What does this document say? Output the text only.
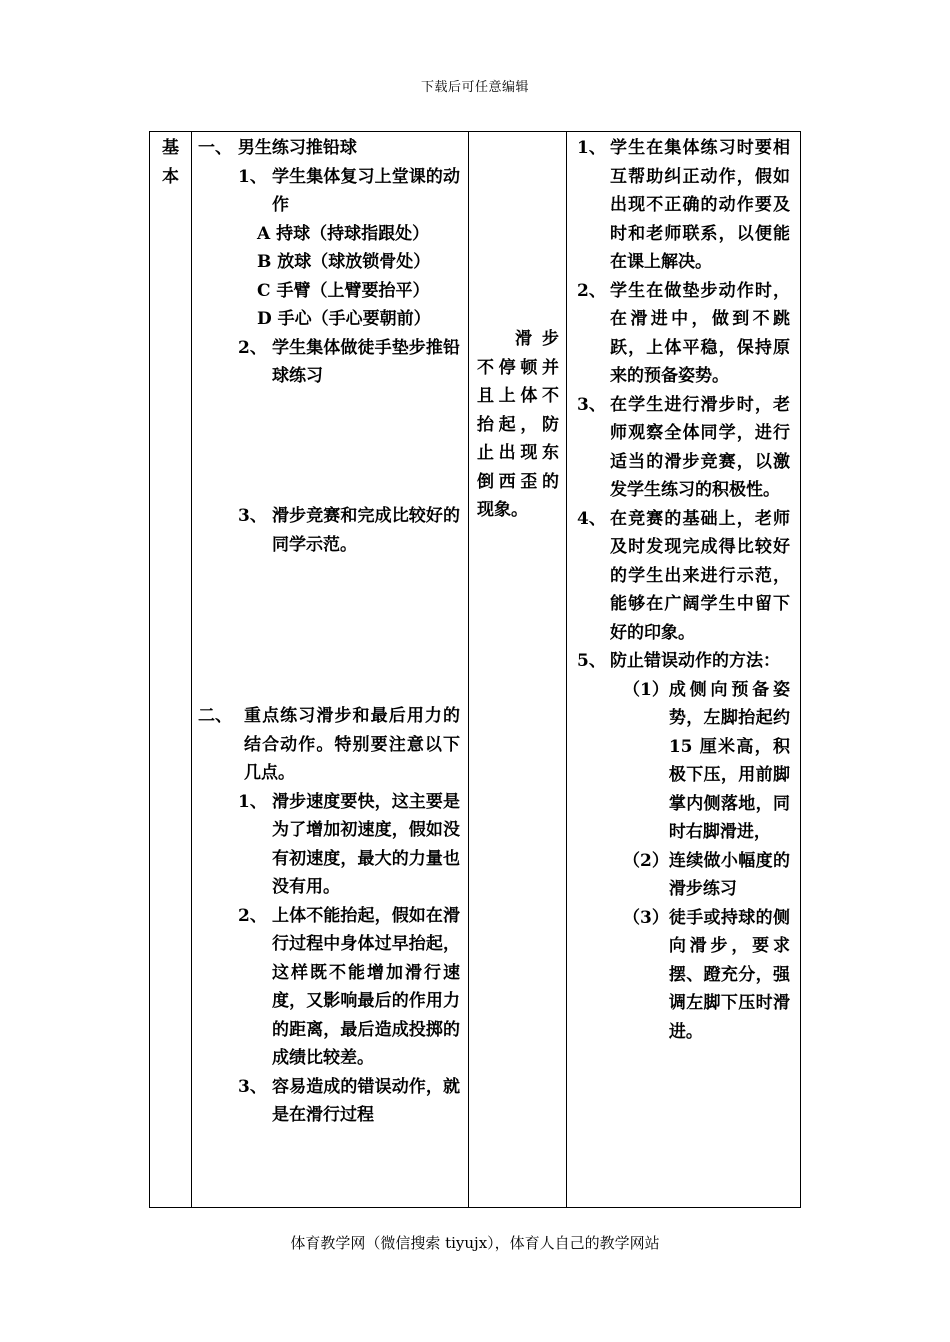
下载后可任意编辑
基
本
一、 男生练习推铅球
1、 学生集体复习上堂课的动作
A 持球（持球指跟处）
B 放球（球放锁骨处）
C 手臂（上臂要抬平）
D 手心（手心要朝前）
2、 学生集体做徒手垫步推铅球练习
3、 滑步竞赛和完成比较好的同学示范。
二、 重点练习滑步和最后用力的结合动作。特别要注意以下几点。
1、 滑步速度要快，这主要是为了增加初速度，假如没有初速度，最大的力量也没有用。
2、 上体不能抬起，假如在滑行过程中身体过早抬起，这样既不能增加滑行速度，又影响最后的作用力的距离，最后造成投掷的成绩比较差。
3、 容易造成的错误动作，就是在滑行过程
滑步不停顿并且上体不抬起，防止出现东倒西歪的现象。
1、 学生在集体练习时要相互帮助纠正动作，假如出现不正确的动作要及时和老师联系，以便能在课上解决。
2、 学生在做垫步动作时，在滑进中，做到不跳跃，上体平稳，保持原来的预备姿势。
3、 在学生进行滑步时，老师观察全体同学，进行适当的滑步竞赛，以激发学生练习的积极性。
4、 在竞赛的基础上，老师及时发现完成得比较好的学生出来进行示范，能够在广阔学生中留下好的印象。
5、 防止错误动作的方法：
（1） 成侧向预备姿势，左脚抬起约 15 厘米高，积极下压，用前脚掌内侧落地，同时右脚滑进，
（2） 连续做小幅度的滑步练习
（3） 徒手或持球的侧向滑步，要求摆、蹬充分，强调左脚下压时滑进。
体育教学网（微信搜索 tiyujx），体育人自己的教学网站
